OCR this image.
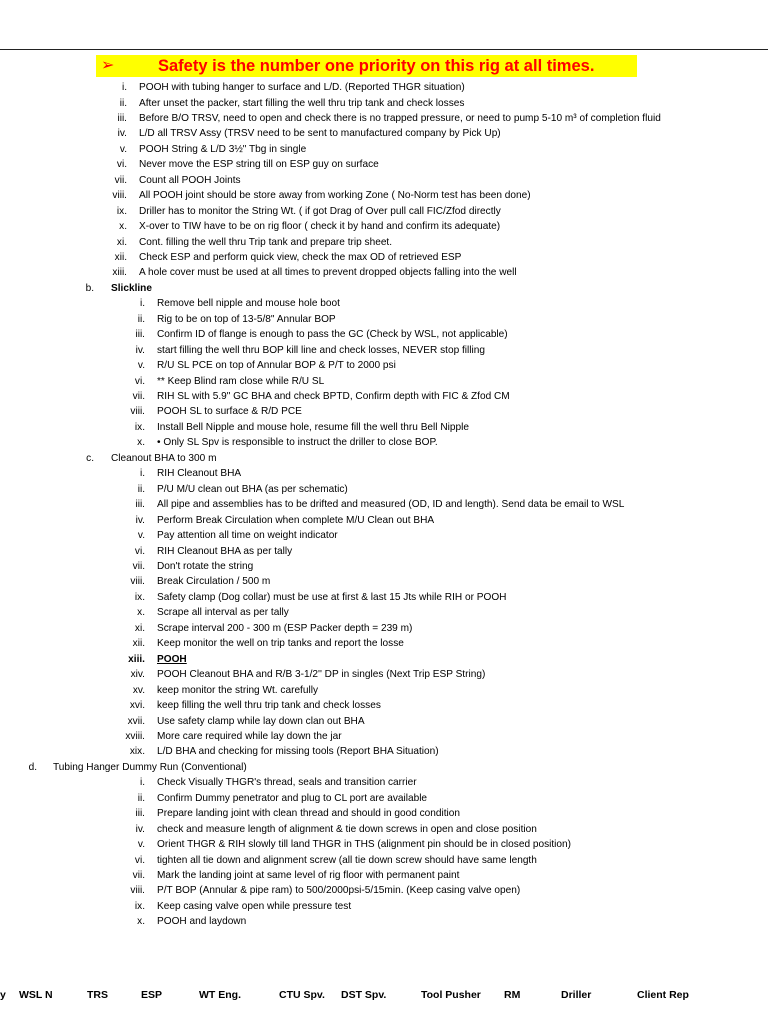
➢	Safety is the number one priority on this rig at all times.
i. POOH with tubing hanger to surface and L/D. (Reported THGR situation)
ii. After unset the packer, start filling the well thru trip tank and check losses
iii. Before B/O TRSV, need to open and check there is no trapped pressure, or need to pump 5-10 m³ of completion fluid
iv. L/D all TRSV Assy (TRSV need to be sent to manufactured company by Pick Up)
v. POOH String & L/D 3½" Tbg in single
vi. Never move the ESP string till on ESP guy on surface
vii. Count all POOH Joints
viii. All POOH joint should be store away from working Zone ( No-Norm test has been done)
ix. Driller has to monitor the String Wt. ( if got Drag of Over pull call FIC/Zfod directly
x. X-over to TIW have to be on rig floor ( check it by hand and confirm its adequate)
xi. Cont. filling the well thru Trip tank and prepare trip sheet.
xii. Check ESP and perform quick view, check the max OD of retrieved ESP
xiii. A hole cover must be used at all times to prevent dropped objects falling into the well
b. Slickline
i. Remove bell nipple and mouse hole boot
ii. Rig to be on top of 13-5/8" Annular BOP
iii. Confirm ID of flange is enough to pass the GC (Check by WSL, not applicable)
iv. start filling the well thru BOP kill line and check losses, NEVER stop filling
v. R/U SL PCE on top of Annular BOP & P/T to 2000 psi
vi. ** Keep Blind ram close while R/U SL
vii. RIH SL with 5.9" GC BHA and check BPTD, Confirm depth with FIC & Zfod CM
viii. POOH SL to surface & R/D PCE
ix. Install Bell Nipple and mouse hole, resume fill the well thru Bell Nipple
x. • Only SL Spv is responsible to instruct the driller to close BOP.
c. Cleanout BHA to 300 m
i. RIH Cleanout BHA
ii. P/U M/U clean out BHA (as per schematic)
iii. All pipe and assemblies has to be drifted and measured (OD, ID and length). Send data be email to WSL
iv. Perform Break Circulation when complete M/U Clean out BHA
v. Pay attention all time on weight indicator
vi. RIH Cleanout BHA as per tally
vii. Don't rotate the string
viii. Break Circulation / 500 m
ix. Safety clamp (Dog collar) must be use at first & last 15 Jts while RIH or POOH
x. Scrape all interval as per tally
xi. Scrape interval 200 - 300 m (ESP Packer depth = 239 m)
xii. Keep monitor the well on trip tanks and report the losse
xiii. POOH
xiv. POOH Cleanout BHA and R/B 3-1/2'' DP in singles (Next Trip ESP String)
xv. keep monitor the string Wt. carefully
xvi. keep filling the well thru trip tank and check losses
xvii. Use safety clamp while lay down clan out BHA
xviii. More care required while lay down the jar
xix. L/D BHA and checking for missing tools (Report BHA Situation)
d. Tubing Hanger Dummy Run (Conventional)
i. Check Visually THGR's thread, seals and transition carrier
ii. Confirm Dummy penetrator and plug to CL port are available
iii. Prepare landing joint with clean thread and should in good condition
iv. check and measure length of alignment & tie down screws in open and close position
v. Orient THGR & RIH slowly till land THGR in THS (alignment pin should be in closed position)
vi. tighten all tie down and alignment screw (all tie down screw should have same length
vii. Mark the landing joint at same level of rig floor with permanent paint
viii. P/T BOP (Annular & pipe ram) to 500/2000psi-5/15min. (Keep casing valve open)
ix. Keep casing valve open while pressure test
x. POOH and laydown
y WSL N	TRS	ESP	WT Eng.	CTU Spv. DST Spv.	Tool Pusher RM	Driller	Client Rep
